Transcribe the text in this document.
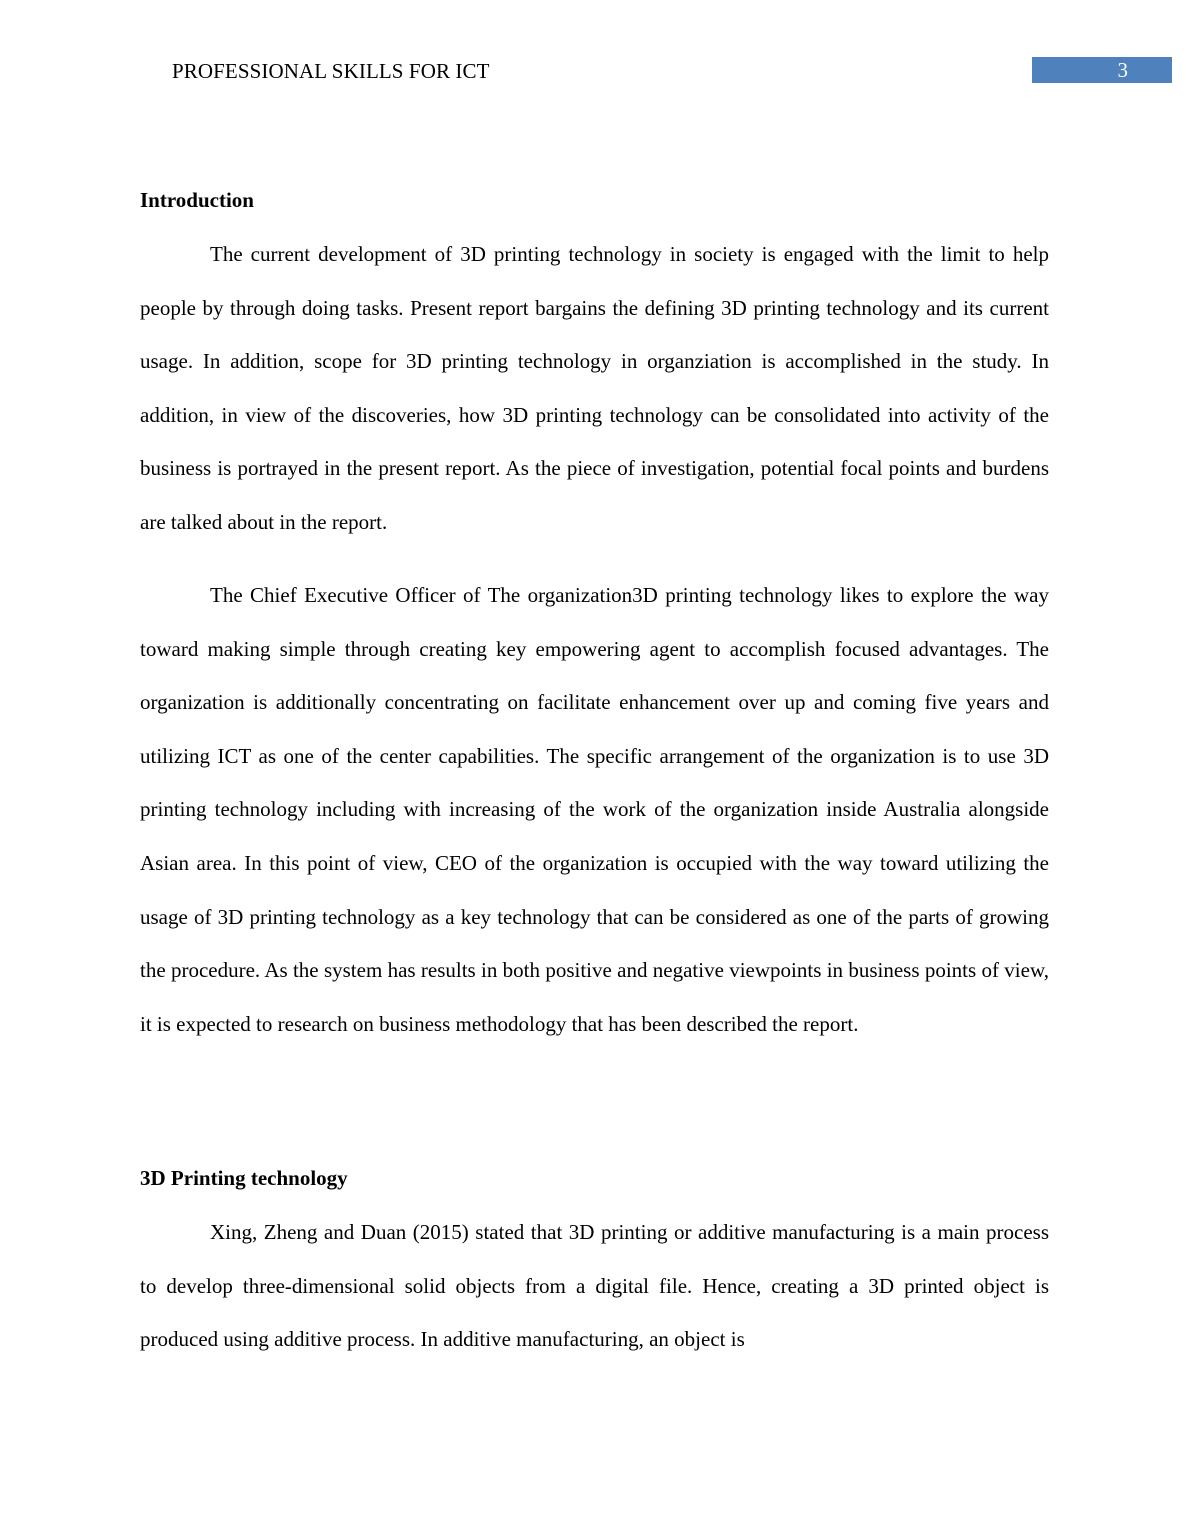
PROFESSIONAL SKILLS FOR ICT	3
Introduction

The current development of 3D printing technology in society is engaged with the limit to help people by through doing tasks. Present report bargains the defining 3D printing technology and its current usage. In addition, scope for 3D printing technology in organziation is accomplished in the study. In addition, in view of the discoveries, how 3D printing technology can be consolidated into activity of the business is portrayed in the present report. As the piece of investigation, potential focal points and burdens are talked about in the report.

The Chief Executive Officer of The organization3D printing technology likes to explore the way toward making simple through creating key empowering agent to accomplish focused advantages. The organization is additionally concentrating on facilitate enhancement over up and coming five years and utilizing ICT as one of the center capabilities. The specific arrangement of the organization is to use 3D printing technology including with increasing of the work of the organization inside Australia alongside Asian area. In this point of view, CEO of the organization is occupied with the way toward utilizing the usage of 3D printing technology as a key technology that can be considered as one of the parts of growing the procedure. As the system has results in both positive and negative viewpoints in business points of view, it is expected to research on business methodology that has been described the report.

3D Printing technology

Xing, Zheng and Duan (2015) stated that 3D printing or additive manufacturing is a main process to develop three-dimensional solid objects from a digital file. Hence, creating a 3D printed object is produced using additive process. In additive manufacturing, an object is
